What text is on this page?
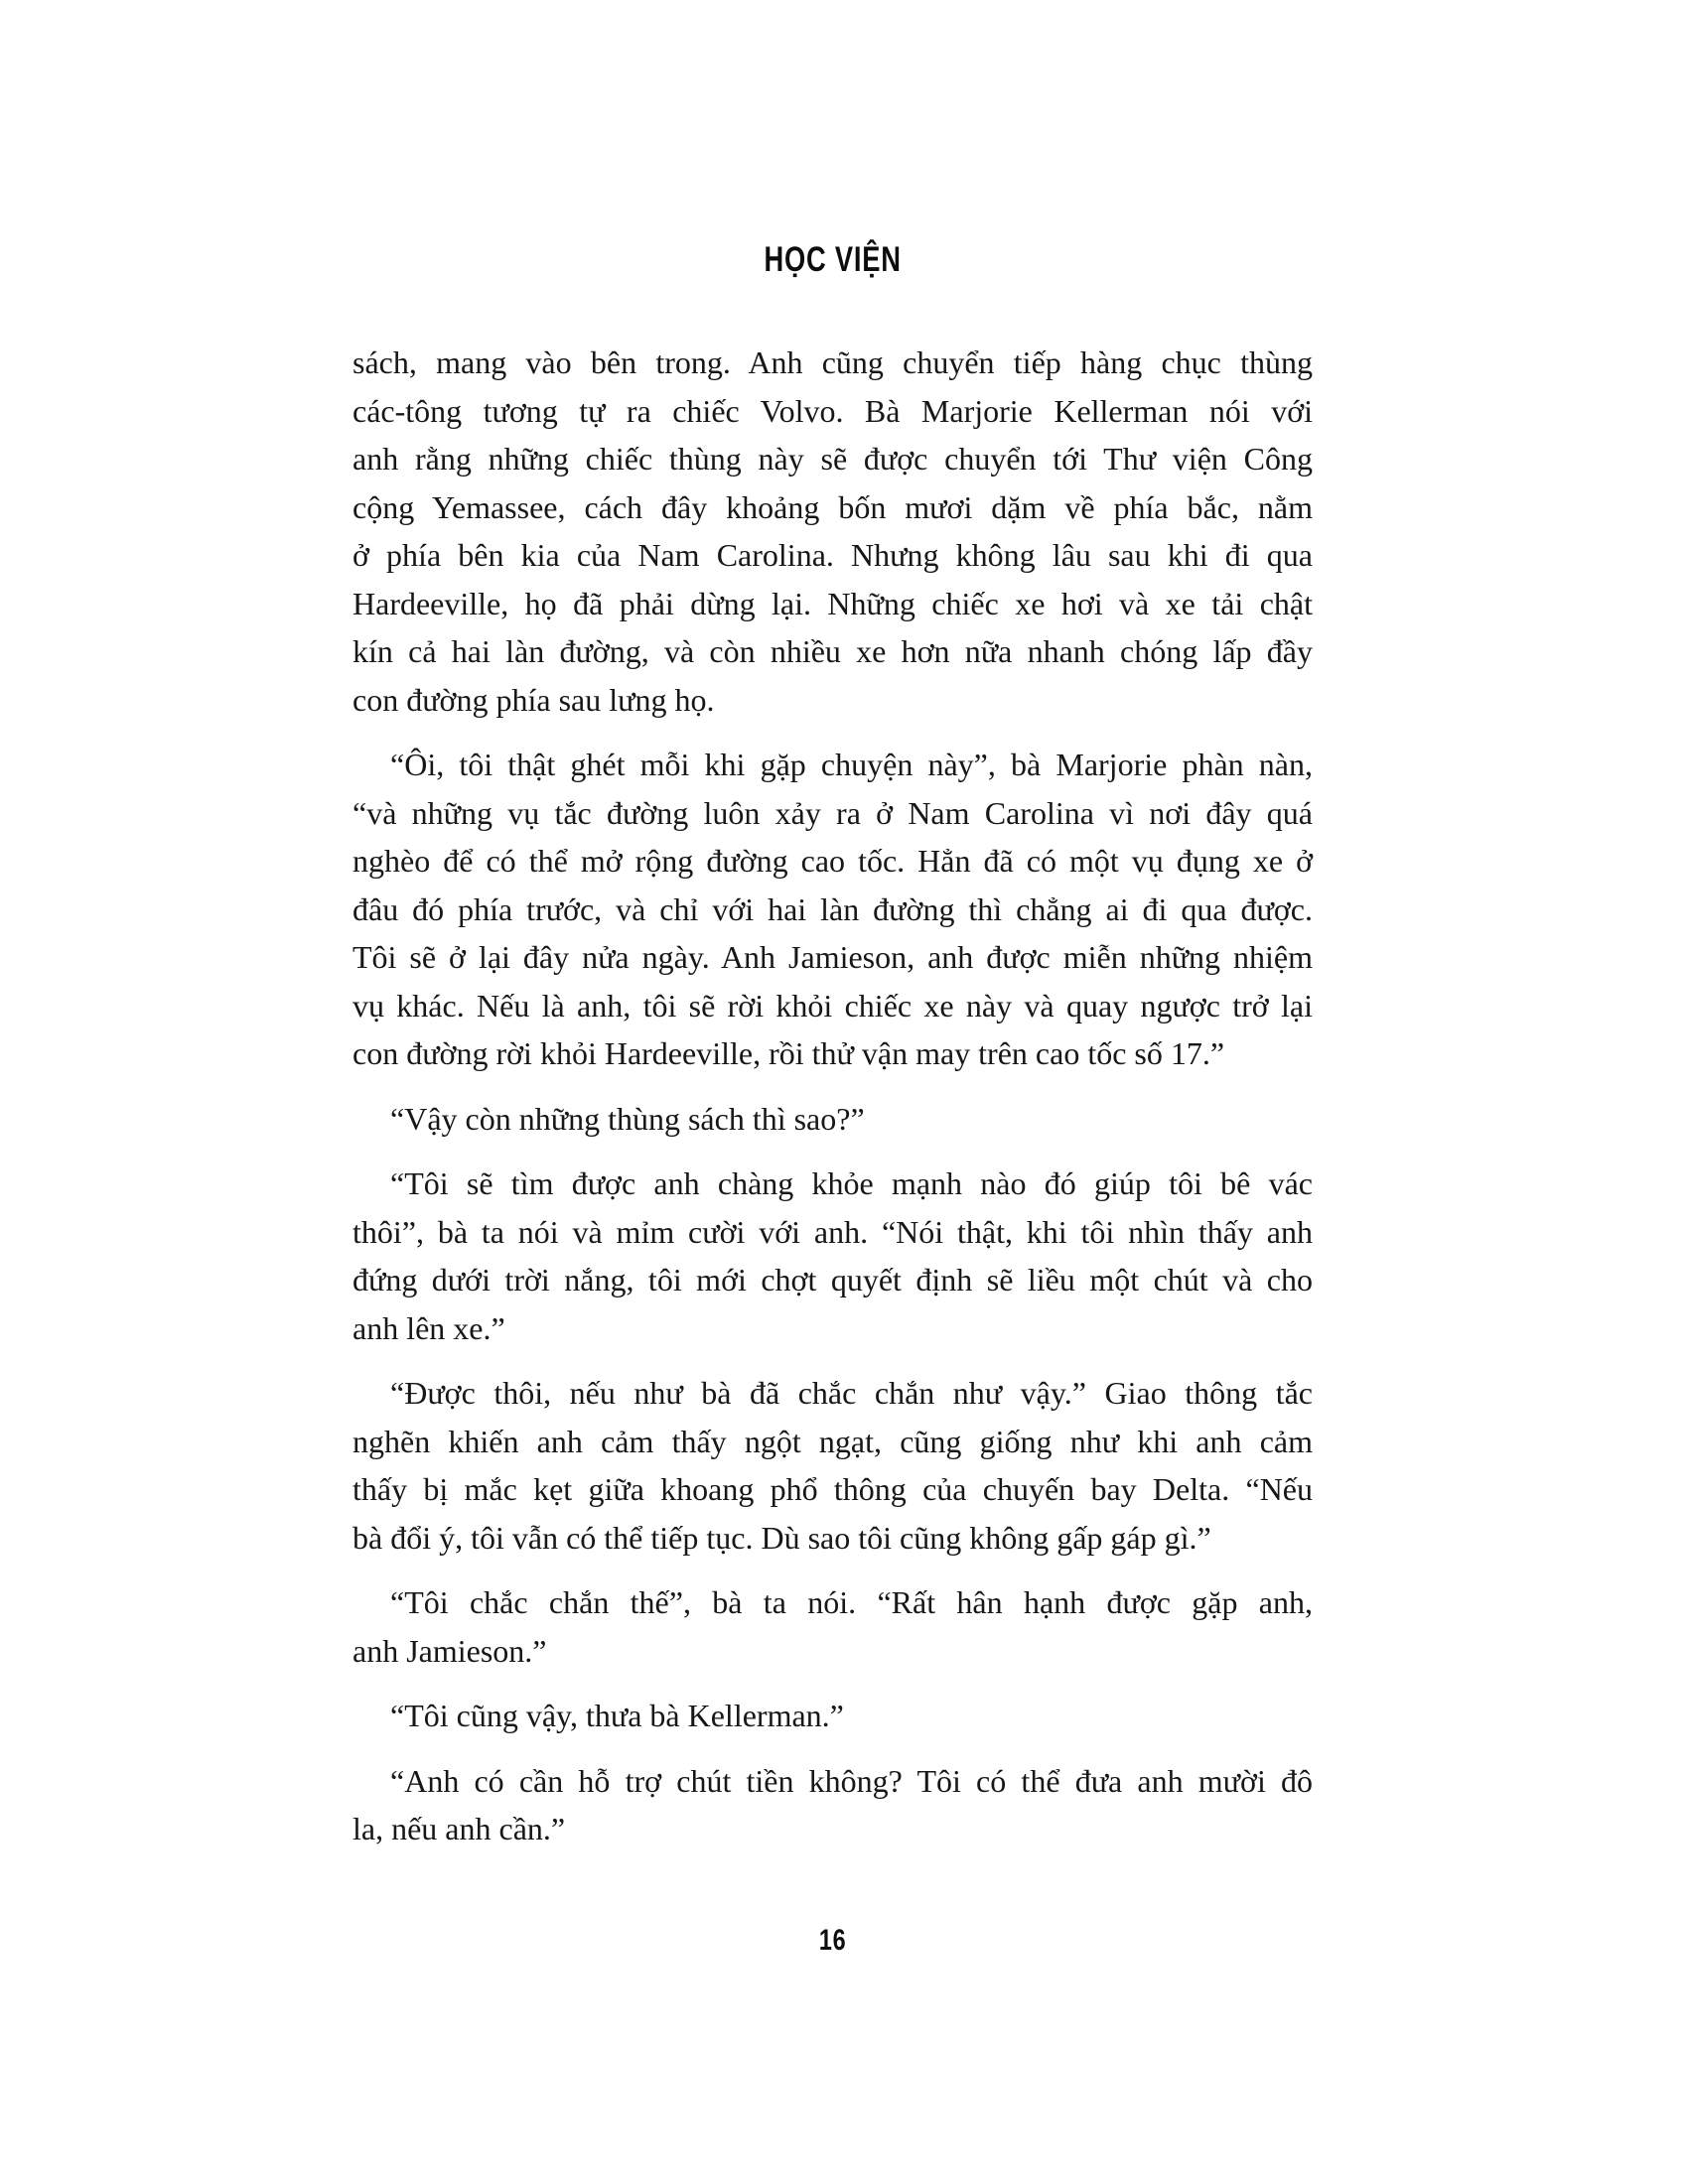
HỌC VIỆN
sách, mang vào bên trong. Anh cũng chuyển tiếp hàng chục thùng
các-tông tương tự ra chiếc Volvo. Bà Marjorie Kellerman nói với
anh rằng những chiếc thùng này sẽ được chuyển tới Thư viện Công
cộng Yemassee, cách đây khoảng bốn mươi dặm về phía bắc, nằm
ở phía bên kia của Nam Carolina. Nhưng không lâu sau khi đi qua
Hardeeville, họ đã phải dừng lại. Những chiếc xe hơi và xe tải chật
kín cả hai làn đường, và còn nhiều xe hơn nữa nhanh chóng lấp đầy
con đường phía sau lưng họ.
“Ôi, tôi thật ghét mỗi khi gặp chuyện này”, bà Marjorie phàn nàn,
“và những vụ tắc đường luôn xảy ra ở Nam Carolina vì nơi đây quá
nghèo để có thể mở rộng đường cao tốc. Hẳn đã có một vụ đụng xe ở
đâu đó phía trước, và chỉ với hai làn đường thì chẳng ai đi qua được.
Tôi sẽ ở lại đây nửa ngày. Anh Jamieson, anh được miễn những nhiệm
vụ khác. Nếu là anh, tôi sẽ rời khỏi chiếc xe này và quay ngược trở lại
con đường rời khỏi Hardeeville, rồi thử vận may trên cao tốc số 17.”
“Vậy còn những thùng sách thì sao?”
“Tôi sẽ tìm được anh chàng khỏe mạnh nào đó giúp tôi bê vác
thôi”, bà ta nói và mỉm cười với anh. “Nói thật, khi tôi nhìn thấy anh
đứng dưới trời nắng, tôi mới chợt quyết định sẽ liều một chút và cho
anh lên xe.”
“Được thôi, nếu như bà đã chắc chắn như vậy.” Giao thông tắc
nghẽn khiến anh cảm thấy ngột ngạt, cũng giống như khi anh cảm
thấy bị mắc kẹt giữa khoang phổ thông của chuyến bay Delta. “Nếu
bà đổi ý, tôi vẫn có thể tiếp tục. Dù sao tôi cũng không gấp gáp gì.”
“Tôi chắc chắn thế”, bà ta nói. “Rất hân hạnh được gặp anh,
anh Jamieson.”
“Tôi cũng vậy, thưa bà Kellerman.”
“Anh có cần hỗ trợ chút tiền không? Tôi có thể đưa anh mười đô
la, nếu anh cần.”
16
